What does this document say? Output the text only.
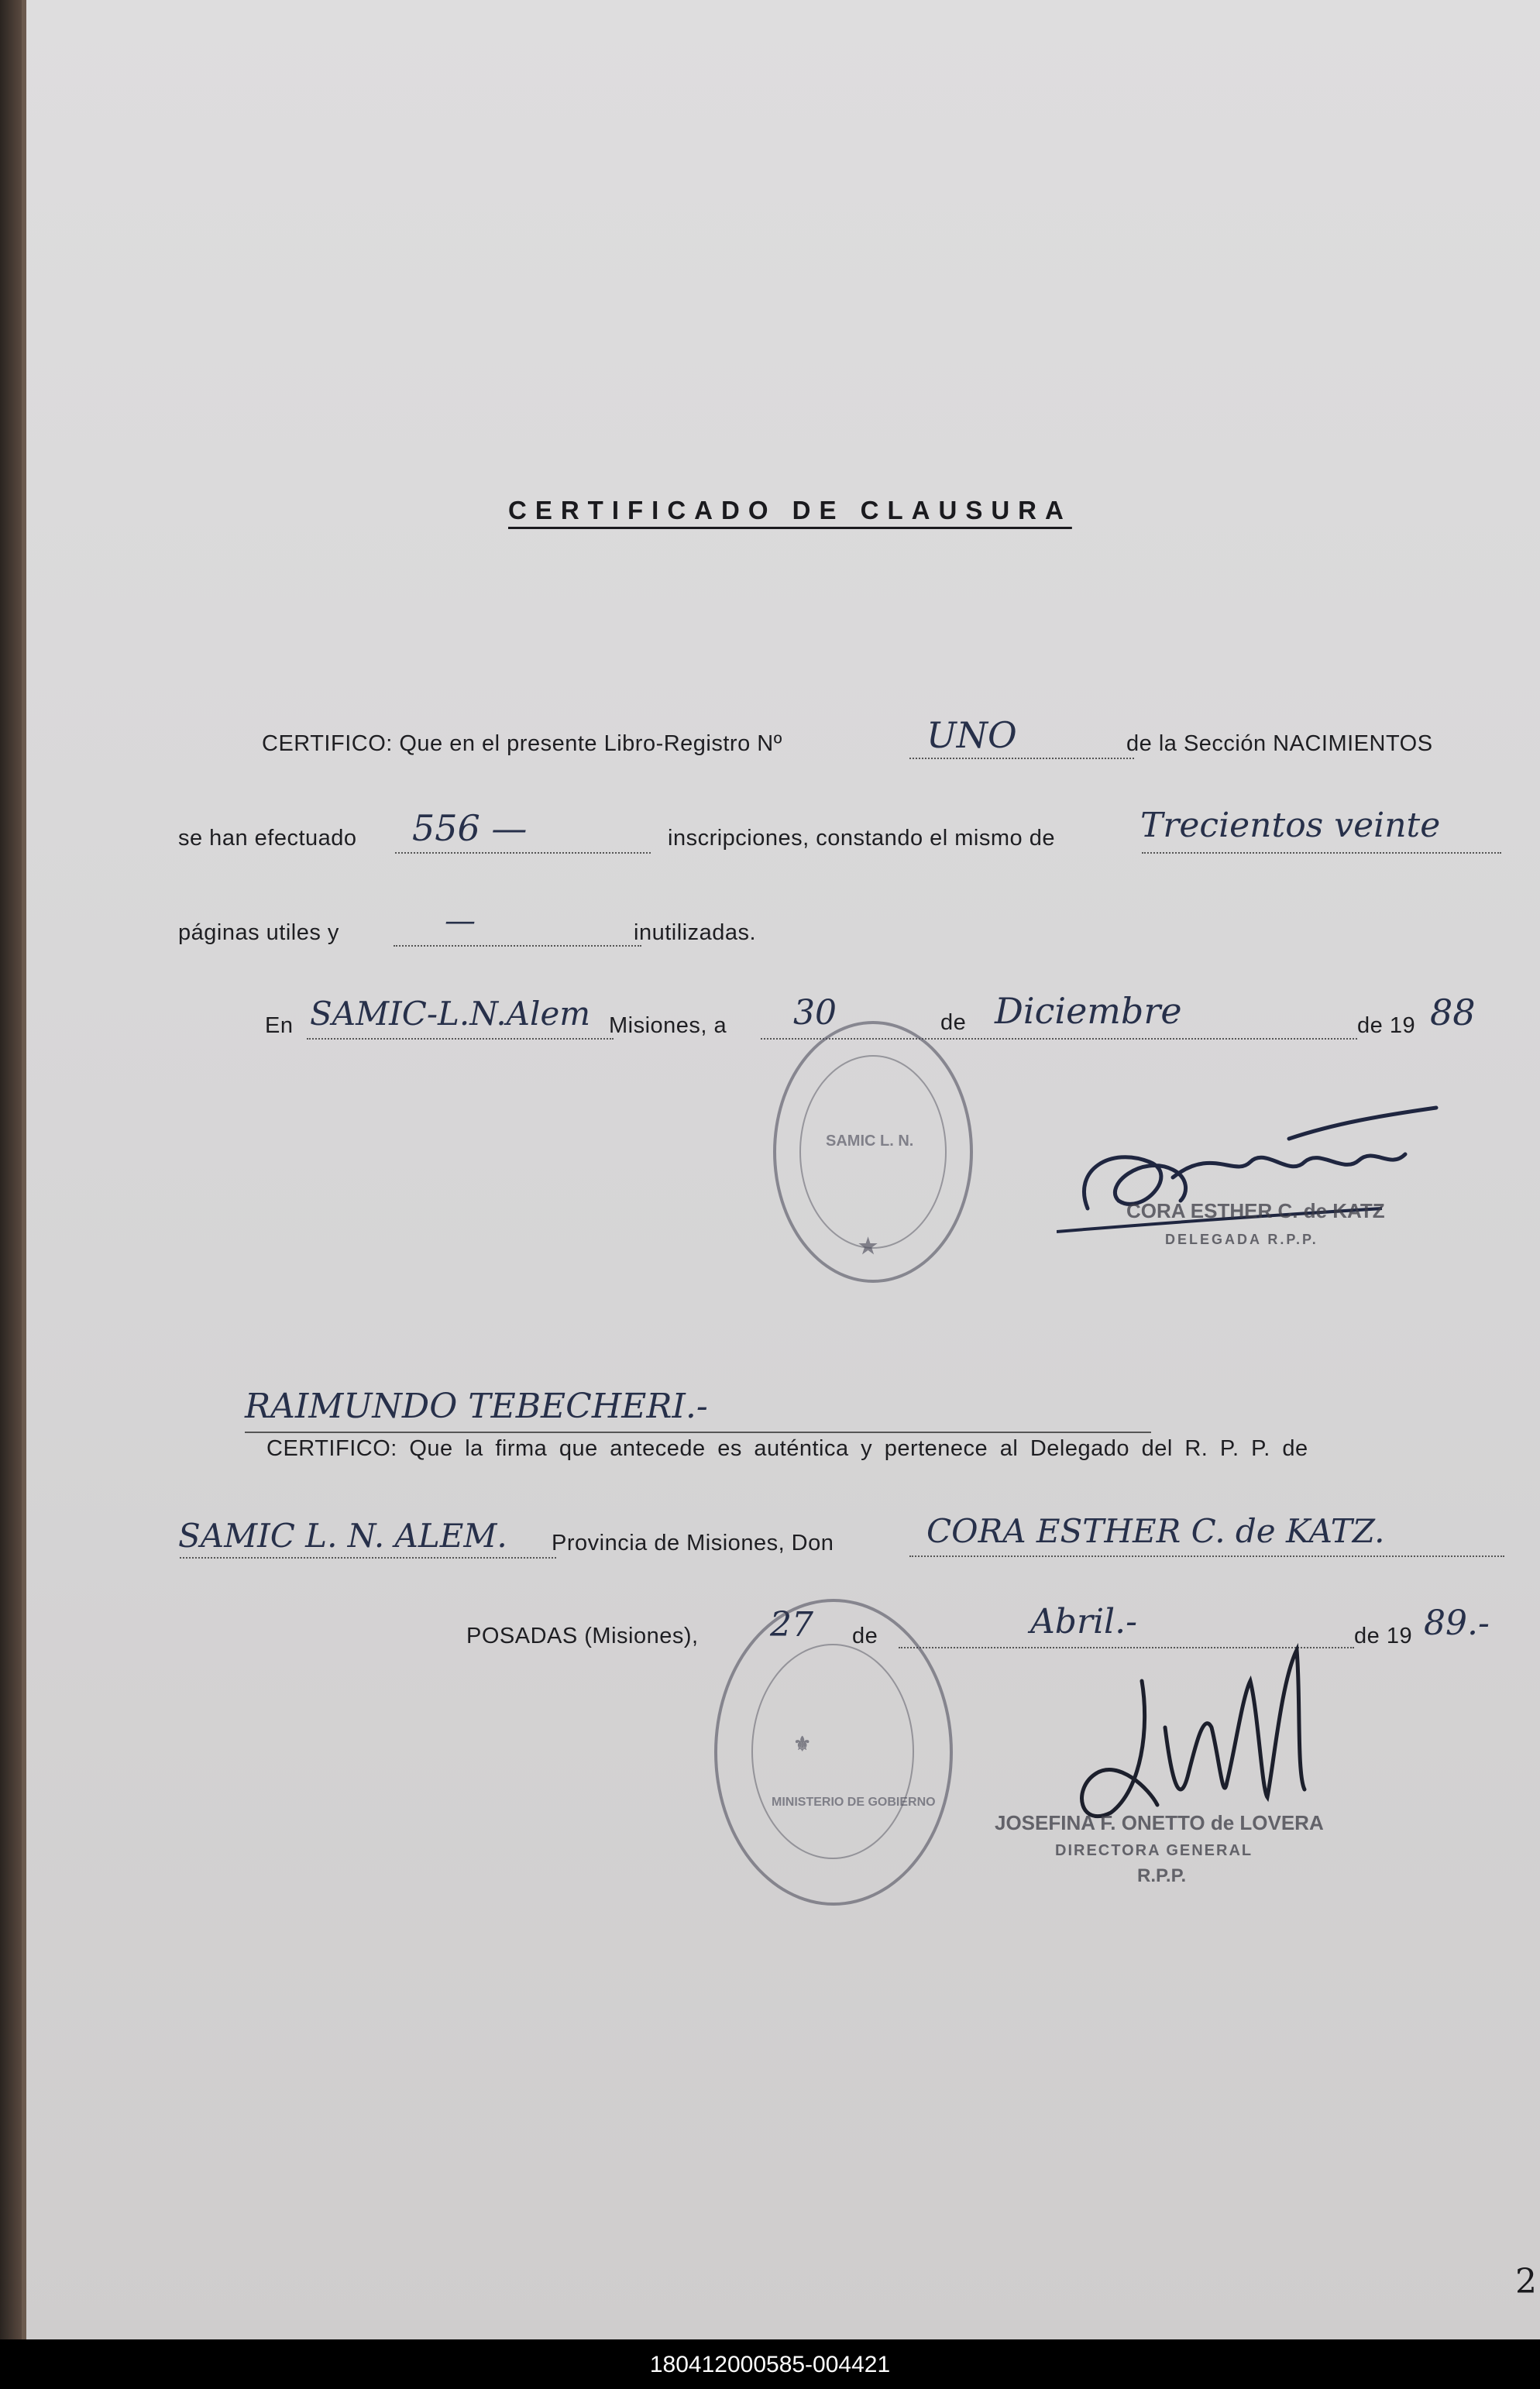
CERTIFICADO DE CLAUSURA
CERTIFICO: Que en el presente Libro-Registro Nº	UNO	de la Sección NACIMIENTOS
se han efectuado 556 —	inscripciones, constando el mismo de	Trecientos veinte
páginas utiles y	—	inutilizadas.
En SAMIC-L.N.Alem Misiones, a 30	de Diciembre	de 19 88
SAMIC L. N.
★
CORA ESTHER C. de KATZ
DELEGADA R.P.P.
RAIMUNDO TEBECHERI.-
CERTIFICO: Que la firma que antecede es auténtica y pertenece al Delegado del R. P. P. de
SAMIC L. N. ALEM. Provincia de Misiones, Don	CORA ESTHER C. de KATZ.
POSADAS (Misiones), 27 de	Abril.-	de 19 89.-
⚜
MINISTERIO DE GOBIERNO
JOSEFINA F. ONETTO de LOVERA
DIRECTORA GENERAL
R.P.P.
2
180412000585-004421
